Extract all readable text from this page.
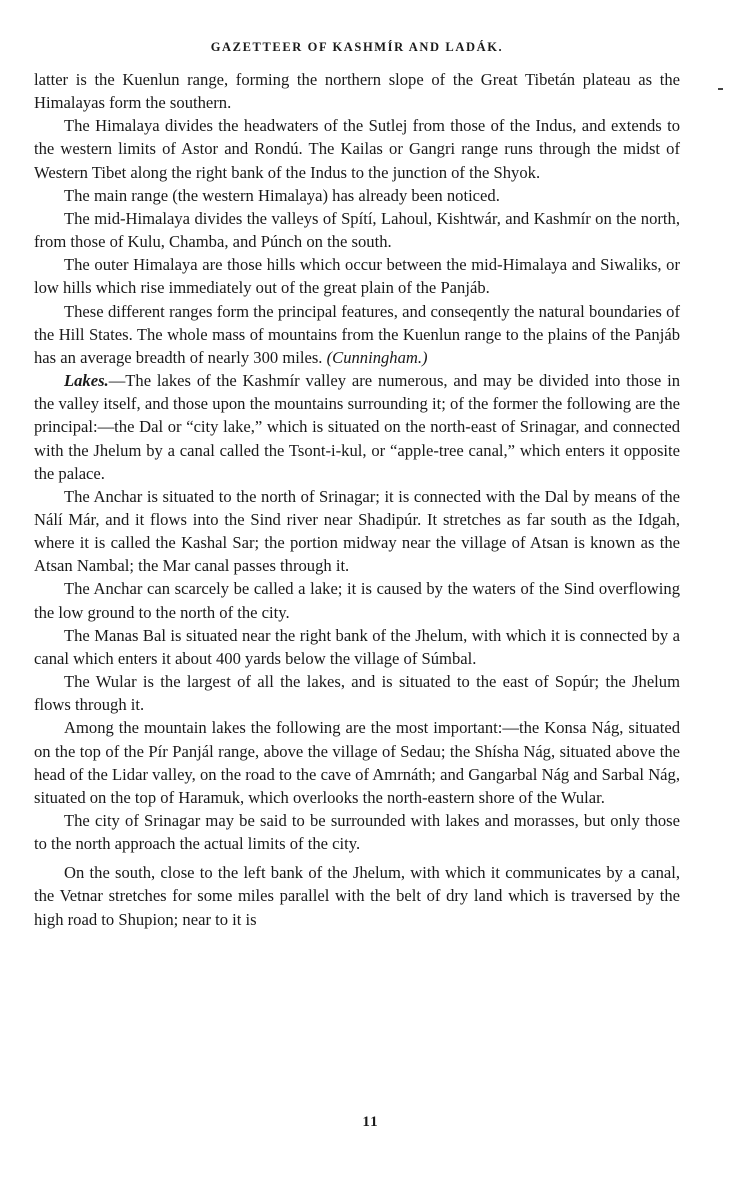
GAZETTEER OF KASHMÍR AND LADÁK.

latter is the Kuenlun range, forming the northern slope of the Great Tibetán plateau as the Himalayas form the southern.

The Himalaya divides the headwaters of the Sutlej from those of the Indus, and extends to the western limits of Astor and Rondú. The Kailas or Gangri range runs through the midst of Western Tibet along the right bank of the Indus to the junction of the Shyok.

The main range (the western Himalaya) has already been noticed.

The mid-Himalaya divides the valleys of Spítí, Lahoul, Kishtwár, and Kashmír on the north, from those of Kulu, Chamba, and Púnch on the south.

The outer Himalaya are those hills which occur between the mid-Himalaya and Siwaliks, or low hills which rise immediately out of the great plain of the Panjáb.

These different ranges form the principal features, and conseqently the natural boundaries of the Hill States. The whole mass of mountains from the Kuenlun range to the plains of the Panjáb has an average breadth of nearly 300 miles. (Cunningham.)

Lakes.—The lakes of the Kashmír valley are numerous, and may be divided into those in the valley itself, and those upon the mountains surrounding it; of the former the following are the principal:—the Dal or “city lake,” which is situated on the north-east of Srinagar, and connected with the Jhelum by a canal called the Tsont-i-kul, or “apple-tree canal,” which enters it opposite the palace.

The Anchar is situated to the north of Srinagar; it is connected with the Dal by means of the Nálí Már, and it flows into the Sind river near Shadipúr. It stretches as far south as the Idgah, where it is called the Kashal Sar; the portion midway near the village of Atsan is known as the Atsan Nambal; the Mar canal passes through it.

The Anchar can scarcely be called a lake; it is caused by the waters of the Sind overflowing the low ground to the north of the city.

The Manas Bal is situated near the right bank of the Jhelum, with which it is connected by a canal which enters it about 400 yards below the village of Súmbal.

The Wular is the largest of all the lakes, and is situated to the east of Sopúr; the Jhelum flows through it.

Among the mountain lakes the following are the most important:—the Konsa Nág, situated on the top of the Pír Panjál range, above the village of Sedau; the Shísha Nág, situated above the head of the Lidar valley, on the road to the cave of Amrnáth; and Gangarbal Nág and Sarbal Nág, situated on the top of Haramuk, which overlooks the north-eastern shore of the Wular.

The city of Srinagar may be said to be surrounded with lakes and morasses, but only those to the north approach the actual limits of the city.

On the south, close to the left bank of the Jhelum, with which it communicates by a canal, the Vetnar stretches for some miles parallel with the belt of dry land which is traversed by the high road to Shupion; near to it is

11
